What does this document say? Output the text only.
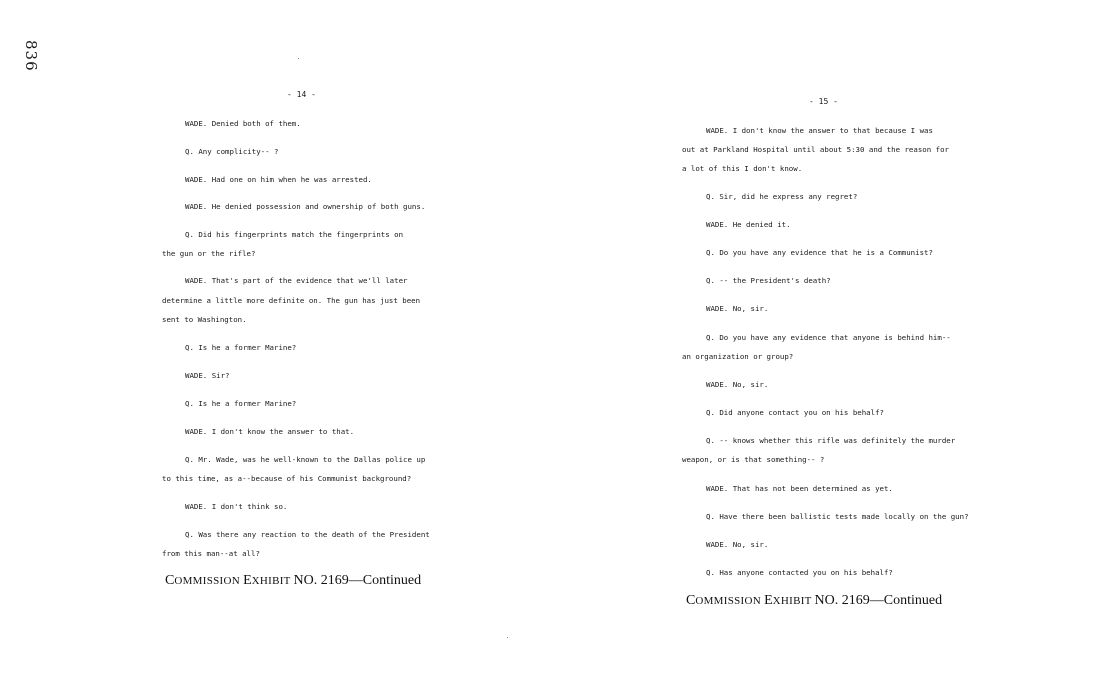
836
- 14 -
WADE. Denied both of them.
Q. Any complicity-- ?
WADE. Had one on him when he was arrested.
WADE. He denied possession and ownership of both guns.
Q. Did his fingerprints match the fingerprints on
the gun or the rifle?
WADE. That's part of the evidence that we'll later
determine a little more definite on. The gun has just been
sent to Washington.
Q. Is he a former Marine?
WADE. Sir?
Q. Is he a former Marine?
WADE. I don't know the answer to that.
Q. Mr. Wade, was he well-known to the Dallas police up
to this time, as a--because of his Communist background?
WADE. I don't think so.
Q. Was there any reaction to the death of the President
from this man--at all?
COMMISSION EXHIBIT NO. 2169—Continued
- 15 -
WADE. I don't know the answer to that because I was
out at Parkland Hospital until about 5:30 and the reason for
a lot of this I don't know.
Q. Sir, did he express any regret?
WADE. He denied it.
Q. Do you have any evidence that he is a Communist?
Q. -- the President's death?
WADE. No, sir.
Q. Do you have any evidence that anyone is behind him--
an organization or group?
WADE. No, sir.
Q. Did anyone contact you on his behalf?
Q. -- knows whether this rifle was definitely the murder
weapon, or is that something-- ?
WADE. That has not been determined as yet.
Q. Have there been ballistic tests made locally on the gun?
WADE. No, sir.
Q. Has anyone contacted you on his behalf?
COMMISSION EXHIBIT NO. 2169—Continued
